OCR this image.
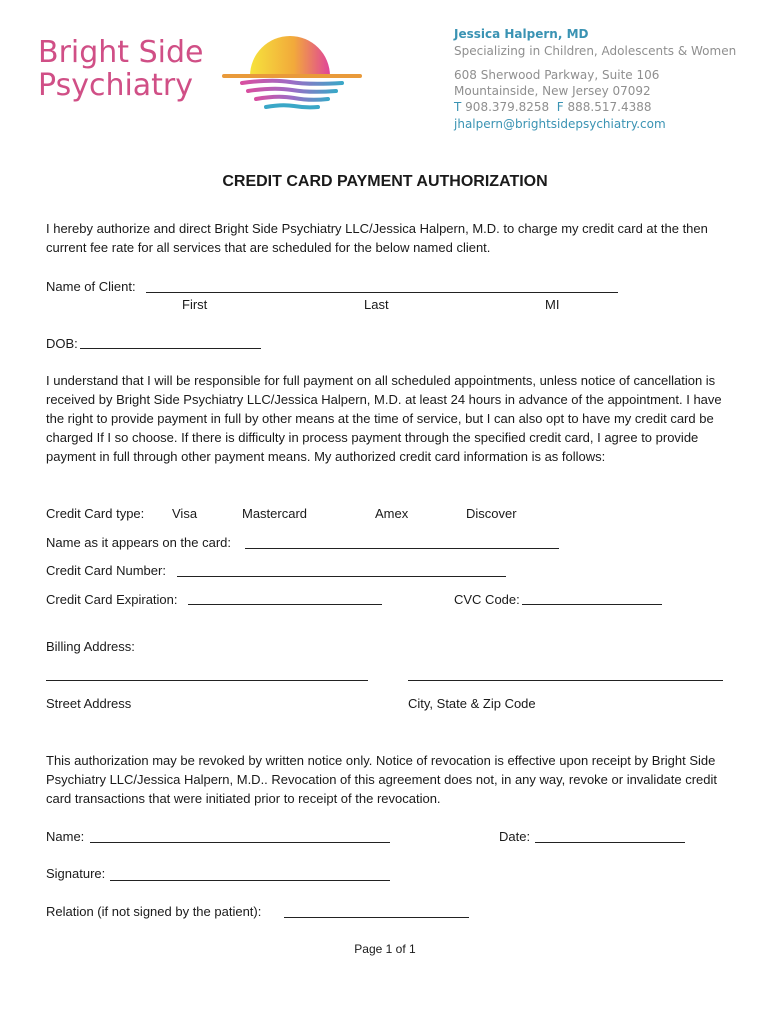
Bright Side
Psychiatry
Jessica Halpern, MD
Specializing in Children, Adolescents & Women
608 Sherwood Parkway, Suite 106
Mountainside, New Jersey 07092
T 908.379.8258 F 888.517.4388
jhalpern@brightsidepsychiatry.com
CREDIT CARD PAYMENT AUTHORIZATION
I hereby authorize and direct Bright Side Psychiatry LLC/Jessica Halpern, M.D. to charge my credit card at the then current fee rate for all services that are scheduled for the below named client.
Name of Client:
First	Last	MI
DOB:
I understand that I will be responsible for full payment on all scheduled appointments, unless notice of cancellation is received by Bright Side Psychiatry LLC/Jessica Halpern, M.D. at least 24 hours in advance of the appointment. I have the right to provide payment in full by other means at the time of service, but I can also opt to have my credit card be charged If I so choose. If there is difficulty in process payment through the specified credit card, I agree to provide payment in full through other payment means. My authorized credit card information is as follows:
Credit Card type: Visa	Mastercard	Amex	Discover
Name as it appears on the card:
Credit Card Number:
Credit Card Expiration:	CVC Code:
Billing Address:
Street Address	City, State & Zip Code
This authorization may be revoked by written notice only. Notice of revocation is effective upon receipt by Bright Side Psychiatry LLC/Jessica Halpern, M.D.. Revocation of this agreement does not, in any way, revoke or invalidate credit card transactions that were initiated prior to receipt of the revocation.
Name:	Date:
Signature:
Relation (if not signed by the patient):
Page 1 of 1
